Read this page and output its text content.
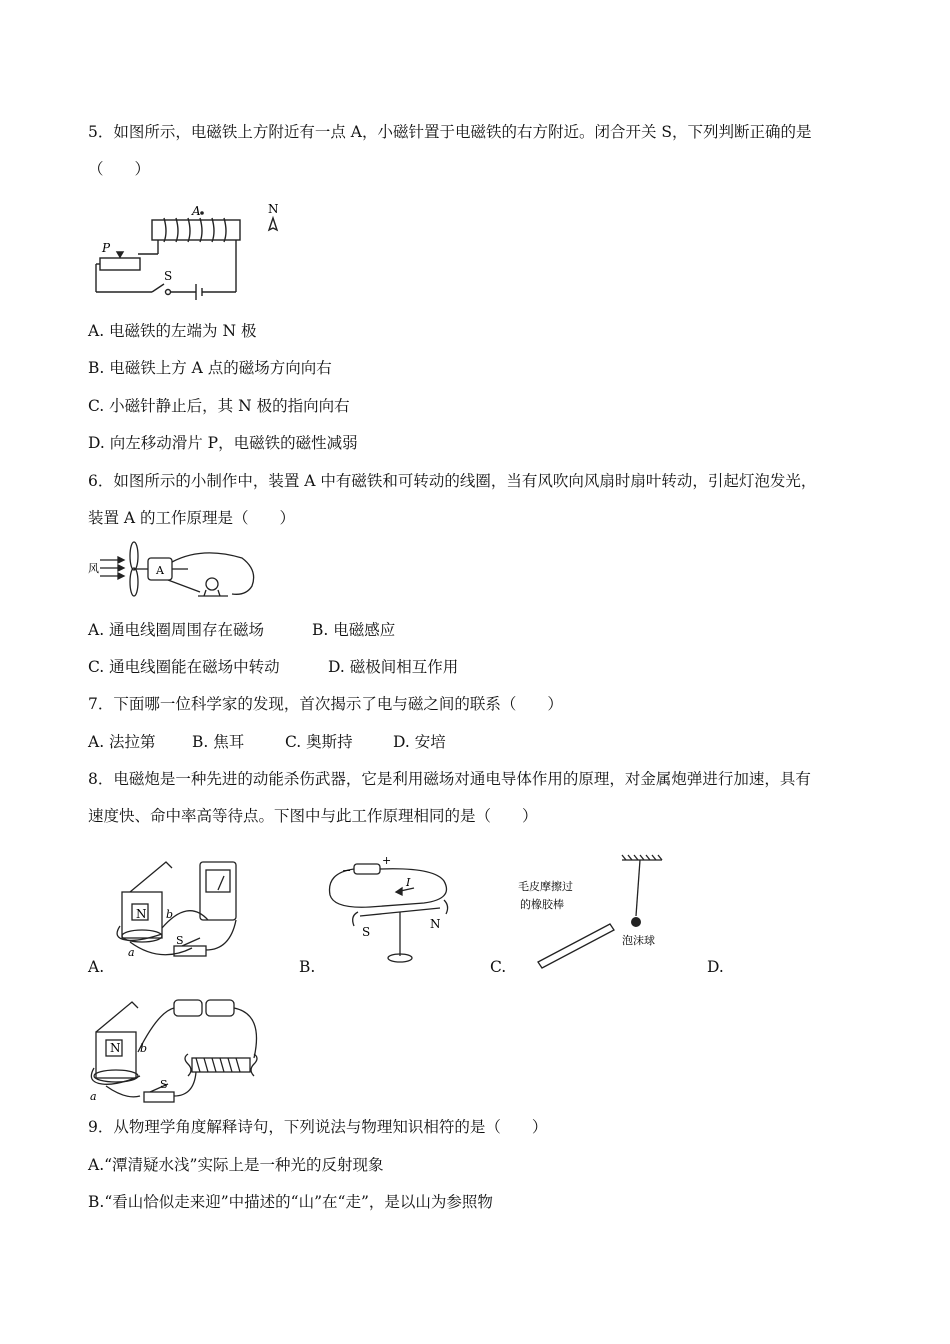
5．如图所示，电磁铁上方附近有一点 A，小磁针置于电磁铁的右方附近。闭合开关 S，下列判断正确的是
（　　）
A	N
P
S
A. 电磁铁的左端为 N 极
B. 电磁铁上方 A 点的磁场方向向右
C. 小磁针静止后，其 N 极的指向向右
D. 向左移动滑片 P，电磁铁的磁性减弱
6．如图所示的小制作中，装置 A 中有磁铁和可转动的线圈，当有风吹向风扇时扇叶转动，引起灯泡发光，
装置 A 的工作原理是（　　）
风	A
A. 通电线圈周围存在磁场	B. 电磁感应
C. 通电线圈能在磁场中转动	D. 磁极间相互作用
7．下面哪一位科学家的发现，首次揭示了电与磁之间的联系（　　）
A. 法拉第 B. 焦耳	C. 奥斯持	D. 安培
8．电磁炮是一种先进的动能杀伤武器，它是利用磁场对通电导体作用的原理，对金属炮弹进行加速，具有
速度快、命中率高等待点。下图中与此工作原理相同的是（　　）
N
a
b
S
A.
+
−
I
S
N
B.
毛皮摩擦过
的橡胶棒
泡沫球
C.	D.
N
a
b
S
9．从物理学角度解释诗句，下列说法与物理知识相符的是（　　）
A.“潭清疑水浅”实际上是一种光的反射现象
B.“看山恰似走来迎”中描述的“山”在“走”，是以山为参照物
